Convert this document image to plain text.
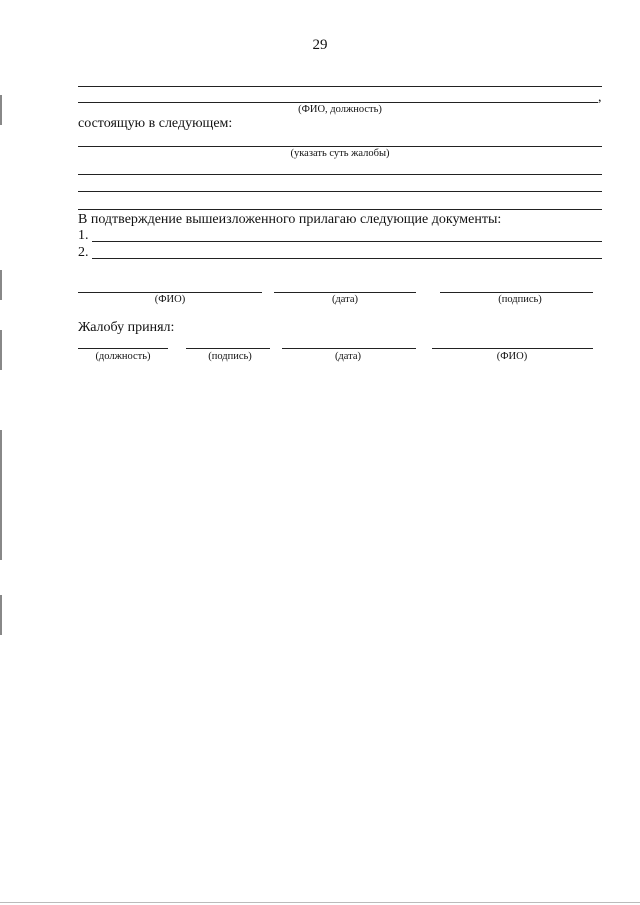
29
,
(ФИО, должность)
состоящую в следующем:
(указать суть жалобы)
В подтверждение вышеизложенного прилагаю следующие документы:
1.
2.
(ФИО)	(дата)	(подпись)
Жалобу принял:
(должность)	(подпись)	(дата)	(ФИО)
